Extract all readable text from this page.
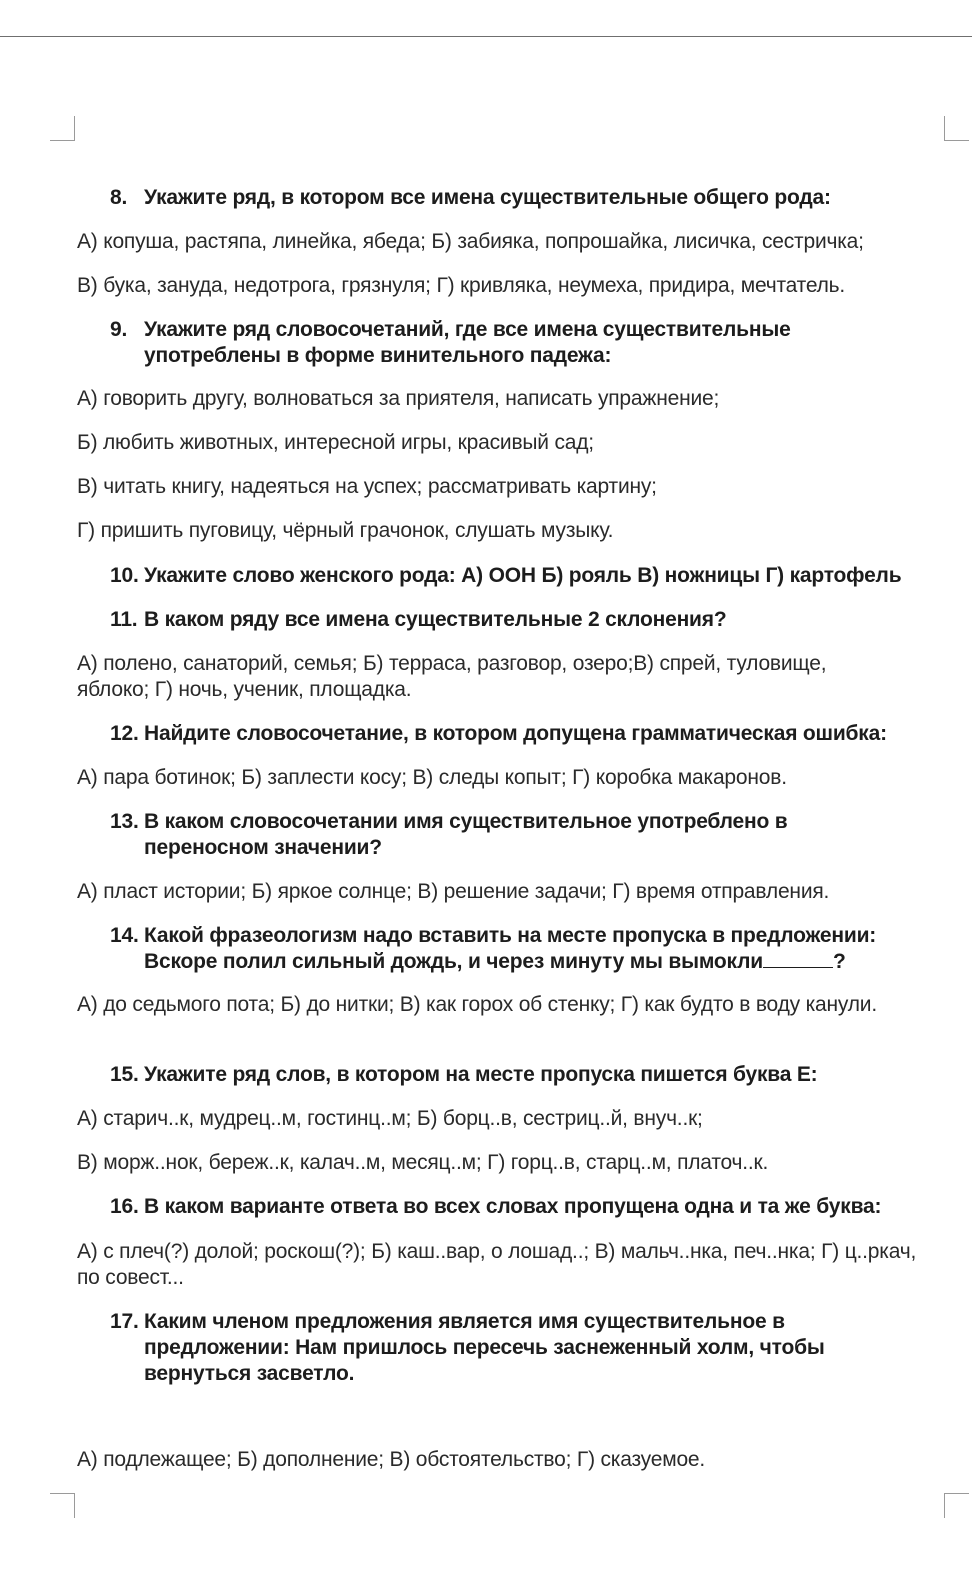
8. Укажите ряд, в котором все имена существительные общего рода:
А) копуша, растяпа, линейка, ябеда; Б) забияка, попрошайка, лисичка, сестричка;
В) бука, зануда, недотрога, грязнуля; Г) кривляка, неумеха, придира, мечтатель.
9. Укажите ряд словосочетаний, где все имена существительные употреблены в форме винительного падежа:
А) говорить другу, волноваться за приятеля, написать упражнение;
Б) любить животных, интересной игры, красивый сад;
В) читать книгу, надеяться на успех; рассматривать картину;
Г) пришить пуговицу, чёрный грачонок, слушать музыку.
10. Укажите слово женского рода: А) ООН Б) рояль В) ножницы Г) картофель
11. В каком ряду все имена существительные 2 склонения?
А) полено, санаторий, семья; Б) терраса, разговор, озеро;В) спрей, туловище, яблоко; Г) ночь, ученик, площадка.
12. Найдите словосочетание, в котором допущена грамматическая ошибка:
А) пара ботинок; Б) заплести косу; В) следы копыт; Г) коробка макаронов.
13. В каком словосочетании имя существительное употреблено в переносном значении?
А) пласт истории; Б) яркое солнце; В) решение задачи; Г) время отправления.
14. Какой фразеологизм надо вставить на месте пропуска в предложении: Вскоре полил сильный дождь, и через минуту мы вымокли	?
А) до седьмого пота; Б) до нитки; В) как горох об стенку; Г) как будто в воду канули.
15. Укажите ряд слов, в котором на месте пропуска пишется буква Е:
А) старич..к, мудрец..м, гостинц..м; Б) борц..в, сестриц..й, внуч..к;
В) морж..нок, береж..к, калач..м, месяц..м; Г) горц..в, старц..м, платоч..к.
16. В каком варианте ответа во всех словах пропущена одна и та же буква:
А) с плеч(?) долой; роскош(?); Б) каш..вар, о лошад..; В) мальч..нка, печ..нка; Г) ц..ркач, по совест...
17. Каким членом предложения является имя существительное в предложении: Нам пришлось пересечь заснеженный холм, чтобы вернуться засветло.
А) подлежащее; Б) дополнение; В) обстоятельство; Г) сказуемое.
